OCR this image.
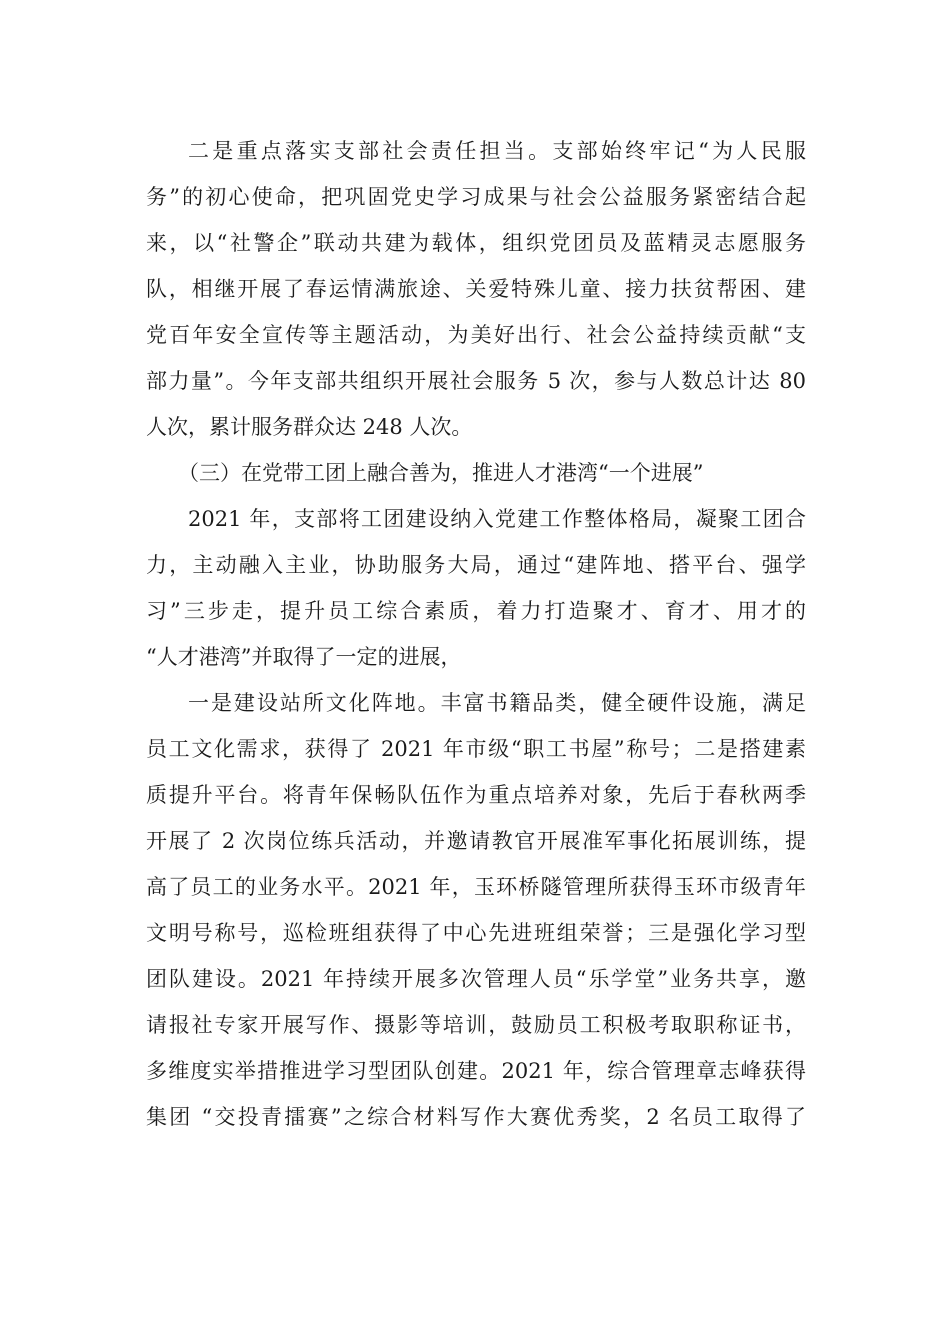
二是重点落实支部社会责任担当。支部始终牢记“为人民服
务”的初心使命，把巩固党史学习成果与社会公益服务紧密结合起
来，以“社警企”联动共建为载体，组织党团员及蓝精灵志愿服务
队，相继开展了春运情满旅途、关爱特殊儿童、接力扶贫帮困、建
党百年安全宣传等主题活动，为美好出行、社会公益持续贡献“支
部力量”。今年支部共组织开展社会服务 5 次，参与人数总计达 80
人次，累计服务群众达 248 人次。
（三）在党带工团上融合善为，推进人才港湾“一个进展”
2021 年，支部将工团建设纳入党建工作整体格局，凝聚工团合
力，主动融入主业，协助服务大局，通过“建阵地、搭平台、强学
习”三步走，提升员工综合素质，着力打造聚才、育才、用才的
“人才港湾”并取得了一定的进展，
一是建设站所文化阵地。丰富书籍品类，健全硬件设施，满足
员工文化需求，获得了 2021 年市级“职工书屋”称号；二是搭建素
质提升平台。将青年保畅队伍作为重点培养对象，先后于春秋两季
开展了 2 次岗位练兵活动，并邀请教官开展准军事化拓展训练，提
高了员工的业务水平。2021 年，玉环桥隧管理所获得玉环市级青年
文明号称号，巡检班组获得了中心先进班组荣誉；三是强化学习型
团队建设。2021 年持续开展多次管理人员“乐学堂”业务共享，邀
请报社专家开展写作、摄影等培训，鼓励员工积极考取职称证书，
多维度实举措推进学习型团队创建。2021 年，综合管理章志峰获得
集团 “交投青擂赛”之综合材料写作大赛优秀奖，2 名员工取得了
